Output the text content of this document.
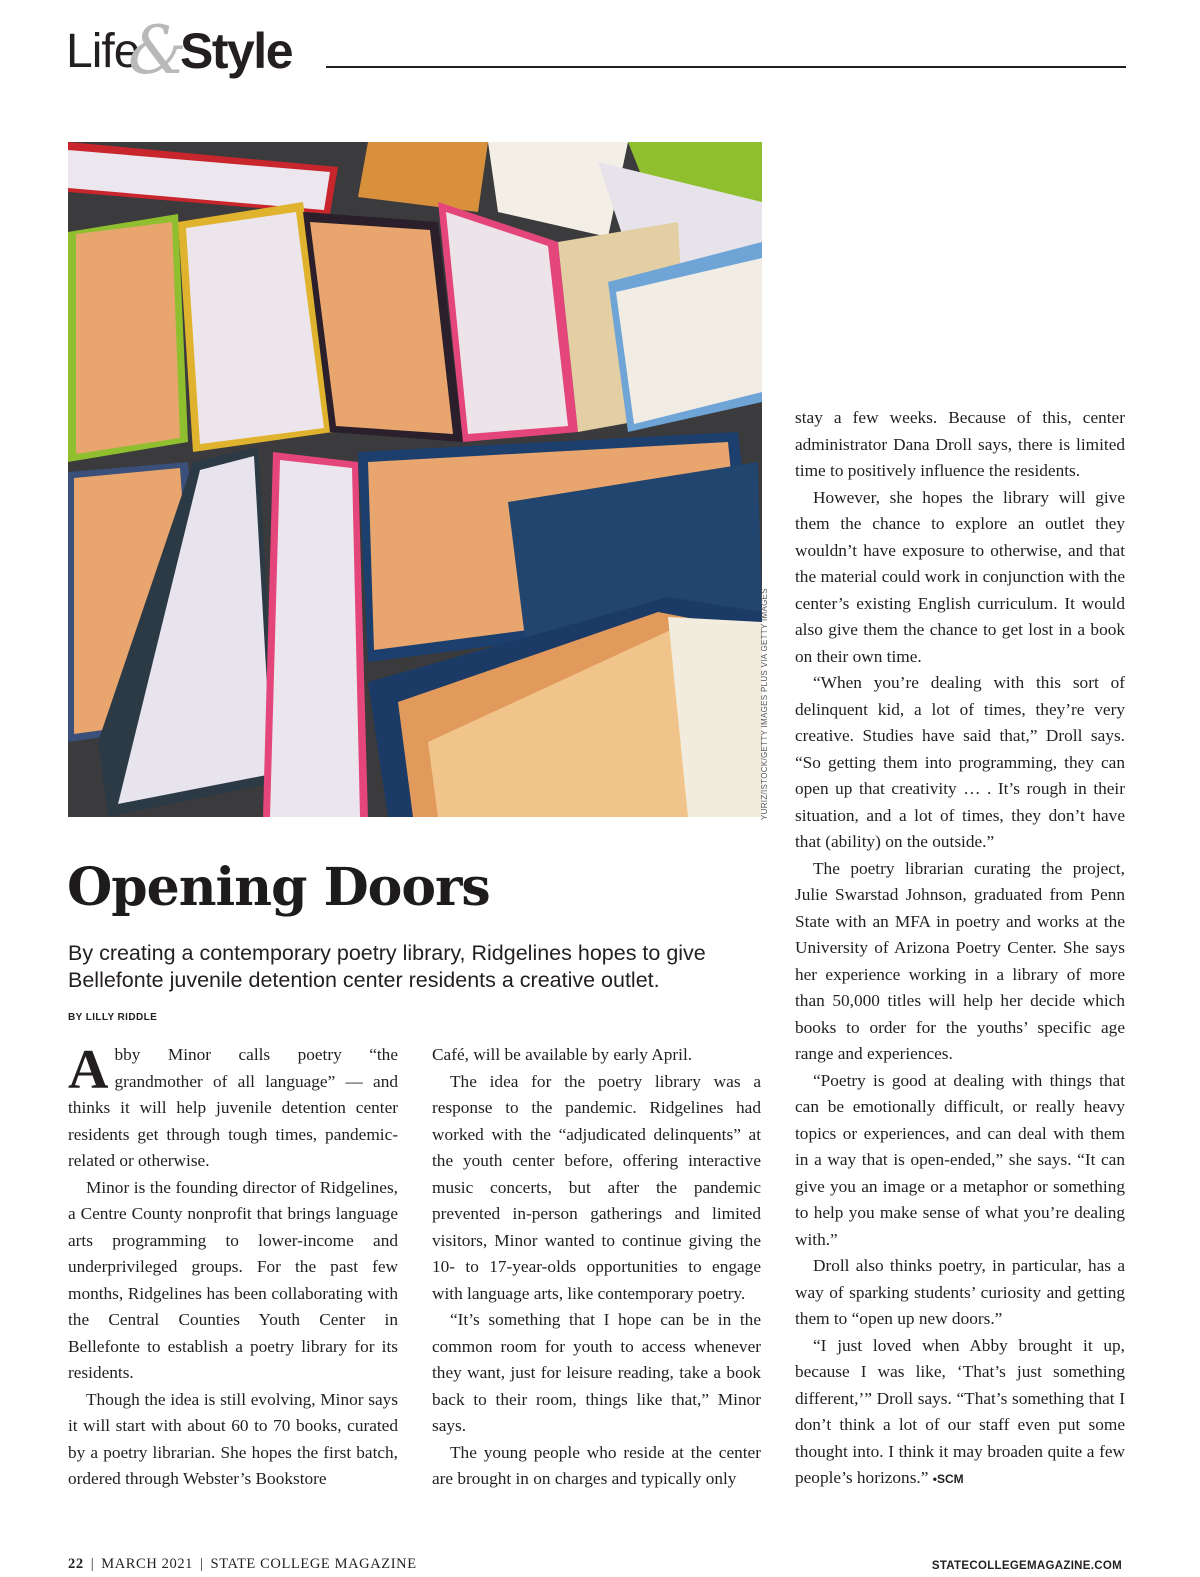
Life
&
Style
YURIZ/ISTOCK/GETTY IMAGES PLUS VIA GETTY IMAGES
Opening Doors

By creating a contemporary poetry library, Ridgelines hopes to give Bellefonte juvenile detention center residents a creative outlet.

BY LILLY RIDDLE

Abby Minor calls poetry “the grandmother of all language” — and thinks it will help juvenile detention center residents get through tough times, pandemic-related or otherwise.

Minor is the founding director of Ridgelines, a Centre County nonprofit that brings language arts programming to lower-income and underprivileged groups. For the past few months, Ridgelines has been collaborating with the Central Counties Youth Center in Bellefonte to establish a poetry library for its residents.

Though the idea is still evolving, Minor says it will start with about 60 to 70 books, curated by a poetry librarian. She hopes the first batch, ordered through Webster’s Bookstore

Café, will be available by early April.

The idea for the poetry library was a response to the pandemic. Ridgelines had worked with the “adjudicated delinquents” at the youth center before, offering interactive music concerts, but after the pandemic prevented in-person gatherings and limited visitors, Minor wanted to continue giving the 10- to 17-year-olds opportunities to engage with language arts, like contemporary poetry.

“It’s something that I hope can be in the common room for youth to access whenever they want, just for leisure reading, take a book back to their room, things like that,” Minor says.

The young people who reside at the center are brought in on charges and typically only

stay a few weeks. Because of this, center administrator Dana Droll says, there is limited time to positively influence the residents.

However, she hopes the library will give them the chance to explore an outlet they wouldn’t have exposure to otherwise, and that the material could work in conjunction with the center’s existing English curriculum. It would also give them the chance to get lost in a book on their own time.

“When you’re dealing with this sort of delinquent kid, a lot of times, they’re very creative. Studies have said that,” Droll says. “So getting them into programming, they can open up that creativity … . It’s rough in their situation, and a lot of times, they don’t have that (ability) on the outside.”

The poetry librarian curating the project, Julie Swarstad Johnson, graduated from Penn State with an MFA in poetry and works at the University of Arizona Poetry Center. She says her experience working in a library of more than 50,000 titles will help her decide which books to order for the youths’ specific age range and experiences.

“Poetry is good at dealing with things that can be emotionally difficult, or really heavy topics or experiences, and can deal with them in a way that is open-ended,” she says. “It can give you an image or a metaphor or something to help you make sense of what you’re dealing with.”

Droll also thinks poetry, in particular, has a way of sparking students’ curiosity and getting them to “open up new doors.”

“I just loved when Abby brought it up, because I was like, ‘That’s just something different,’” Droll says. “That’s something that I don’t think a lot of our staff even put some thought into. I think it may broaden quite a few people’s horizons.” •SCM

22 | MARCH 2021 | STATE COLLEGE MAGAZINE	STATECOLLEGEMAGAZINE.COM
